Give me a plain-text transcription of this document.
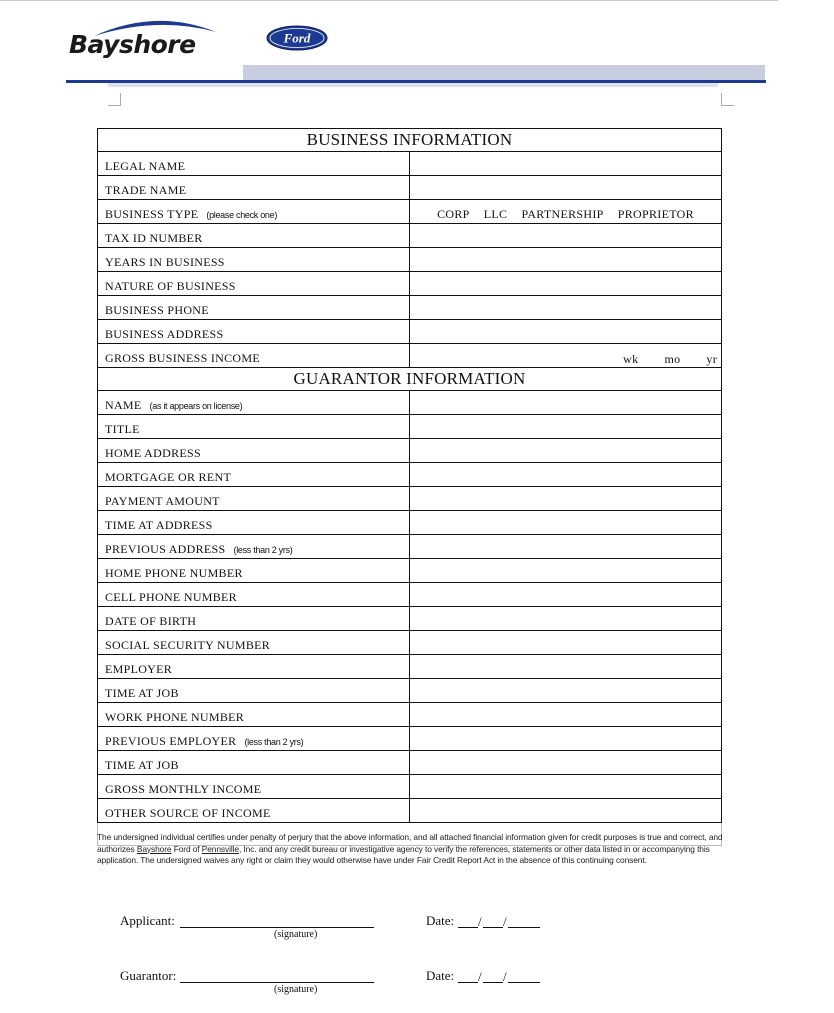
Bayshore	Ford
BUSINESS INFORMATION	
LEGAL NAME	
TRADE NAME	
BUSINESS TYPE (please check one)	CORP LLC PARTNERSHIP PROPRIETOR

TAX ID NUMBER	
YEARS IN BUSINESS	
NATURE OF BUSINESS	
BUSINESS PHONE	
BUSINESS ADDRESS	
GROSS BUSINESS INCOME	wk mo yr

GUARANTOR INFORMATION	
NAME (as it appears on license)	
TITLE	
HOME ADDRESS	
MORTGAGE OR RENT	
PAYMENT AMOUNT	
TIME AT ADDRESS	
PREVIOUS ADDRESS (less than 2 yrs)	
HOME PHONE NUMBER	
CELL PHONE NUMBER	
DATE OF BIRTH	
SOCIAL SECURITY NUMBER	
EMPLOYER	
TIME AT JOB	
WORK PHONE NUMBER	
PREVIOUS EMPLOYER (less than 2 yrs)	
TIME AT JOB	
GROSS MONTHLY INCOME	
OTHER SOURCE OF INCOME	

The undersigned individual certifies under penalty of perjury that the above information, and all attached financial information given for credit purposes is true and correct, and authorizes Bayshore Ford of Pennsville, Inc. and any credit bureau or investigative agency to verify the references, statements or other data listed in or accompanying this application. The undersigned waives any right or claim they would otherwise have under Fair Credit Report Act in the absence of this continuing consent.
Applicant:
(signature)
Date: / /
Guarantor:
(signature)
Date: / /
